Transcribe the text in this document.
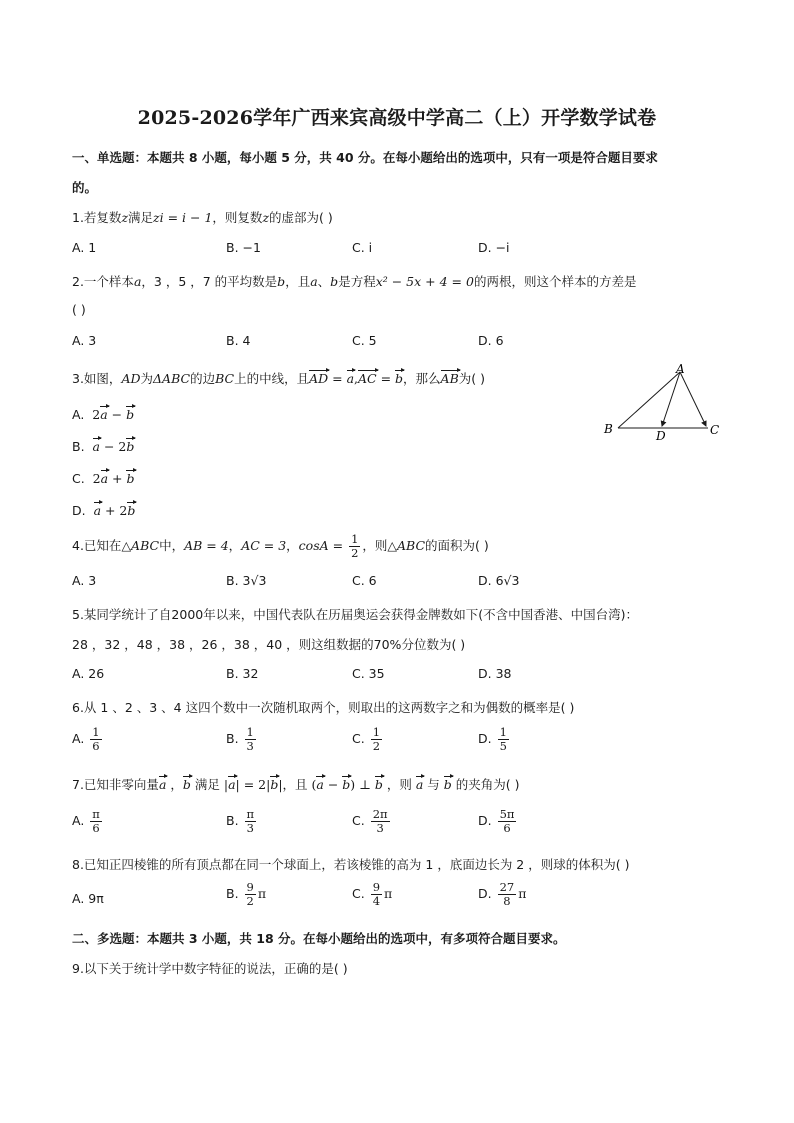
2025-2026学年广西来宾高级中学高二（上）开学数学试卷
一、单选题：本题共 8 小题，每小题 5 分，共 40 分。在每小题给出的选项中，只有一项是符合题目要求
的。
1.若复数z满足zi = i − 1，则复数z的虚部为( )
A. 1	B. −1	C. i	D. −i
2.一个样本a，3 ，5 ，7 的平均数是b，且a、b是方程x² − 5x + 4 = 0的两根，则这个样本的方差是
( )
A. 3	B. 4	C. 5	D. 6
3.如图，AD为ΔABC的边BC上的中线，且AD = a,AC = b，那么AB为( )
A. 2a − b
B. a − 2b
C. 2a + b
D. a + 2b
A
B	C
D
4.已知在△ABC中，AB = 4，AC = 3，$\cos A = \frac{1}{2}$ ，则△ABC的面积为( )
A. 3	B. 3√3	C. 6	D. 6√3
5.某同学统计了自2000年以来，中国代表队在历届奥运会获得金牌数如下(不含中国香港、中国台湾)：
28 ，32 ，48 ，38 ，26 ，38 ，40 ，则这组数据的70%分位数为( )
A. 26	B. 32	C. 35	D. 38
6.从 1 、2 、3 、4 这四个数中一次随机取两个，则取出的这两数字之和为偶数的概率是( )
A. $\frac{1}{6}$	B. $\frac{1}{3}$	C. $\frac{1}{2}$	D. $\frac{1}{5}$
7.已知非零向量a ，b 满足 |a| = 2|b|，且 (a − b) ⊥ b ，则 a 与 b 的夹角为( )
A. $\frac{\pi}{6}$	B. $\frac{\pi}{3}$	C. $\frac{2\pi}{3}$	D. $\frac{5\pi}{6}$
8.已知正四棱锥的所有顶点都在同一个球面上，若该棱锥的高为 1 ，底面边长为 2 ，则球的体积为( )
A. 9π	B. $\frac{9}{2}$ π	C. $\frac{9}{4}$ π	D. $\frac{27}{8}$ π
二、多选题：本题共 3 小题，共 18 分。在每小题给出的选项中，有多项符合题目要求。
9.以下关于统计学中数字特征的说法，正确的是( )
